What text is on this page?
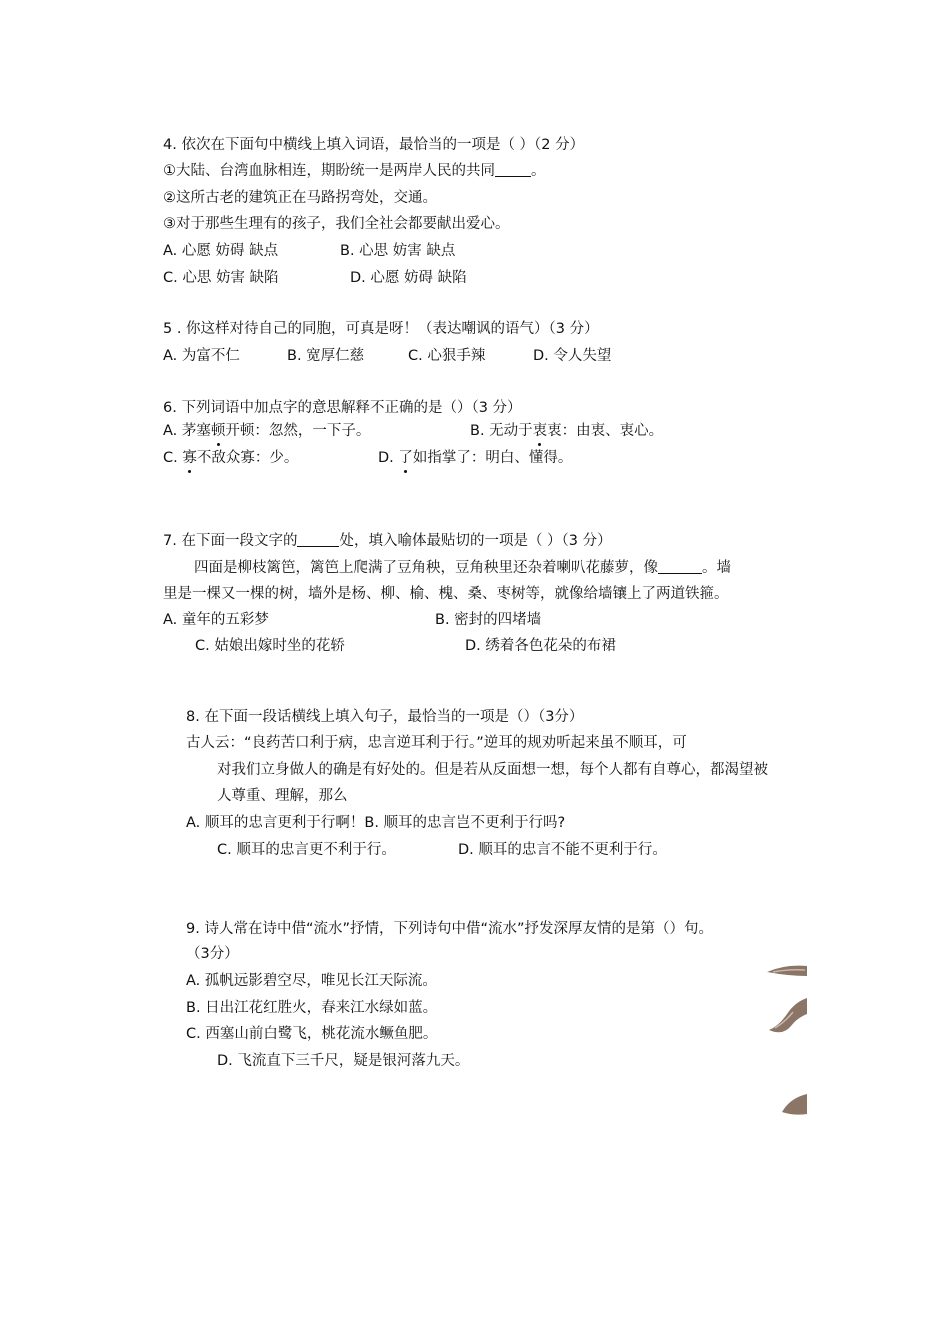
4. 依次在下面句中横线上填入词语，最恰当的一项是（ ）（2 分）
①大陆、台湾血脉相连，期盼统一是两岸人民的共同 。
②这所古老的建筑正在马路拐弯处，交通。
③对于那些生理有的孩子，我们全社会都要献出爱心。
A. 心愿 妨碍 缺点	B. 心思 妨害 缺点
C. 心思 妨害 缺陷	D. 心愿 妨碍 缺陷
5 . 你这样对待自己的同胞，可真是呀！（表达嘲讽的语气）（3 分）
A. 为富不仁	B. 宽厚仁慈	C. 心狠手辣	D. 令人失望
6. 下列词语中加点字的意思解释不正确的是（）（3 分）
A. 茅塞顿开顿：忽然，一下子。	B. 无动于衷衷：由衷、衷心。
C. 寡不敌众寡：少。	D. 了如指掌了：明白、懂得。
7. 在下面一段文字的	处，填入喻体最贴切的一项是（ ）（3 分）
四面是柳枝篱笆，篱笆上爬满了豆角秧，豆角秧里还杂着喇叭花藤萝，像	。墙
里是一棵又一棵的树，墙外是杨、柳、榆、槐、桑、枣树等，就像给墙镶上了两道铁箍。
A. 童年的五彩梦	B. 密封的四堵墙
C. 姑娘出嫁时坐的花轿	D. 绣着各色花朵的布裙
8. 在下面一段话横线上填入句子，最恰当的一项是（）（3分）
古人云：“良药苦口利于病，忠言逆耳利于行。”逆耳的规劝听起来虽不顺耳，可
对我们立身做人的确是有好处的。但是若从反面想一想，每个人都有自尊心，都渴望被
人尊重、理解，那么
A. 顺耳的忠言更利于行啊！B. 顺耳的忠言岂不更利于行吗?
C. 顺耳的忠言更不利于行。	D. 顺耳的忠言不能不更利于行。
9. 诗人常在诗中借“流水”抒情，下列诗句中借“流水”抒发深厚友情的是第（）句。
（3分）
A. 孤帆远影碧空尽，唯见长江天际流。
B. 日出江花红胜火，春来江水绿如蓝。
C. 西塞山前白鹭飞，桃花流水鳜鱼肥。
D. 飞流直下三千尺，疑是银河落九天。
